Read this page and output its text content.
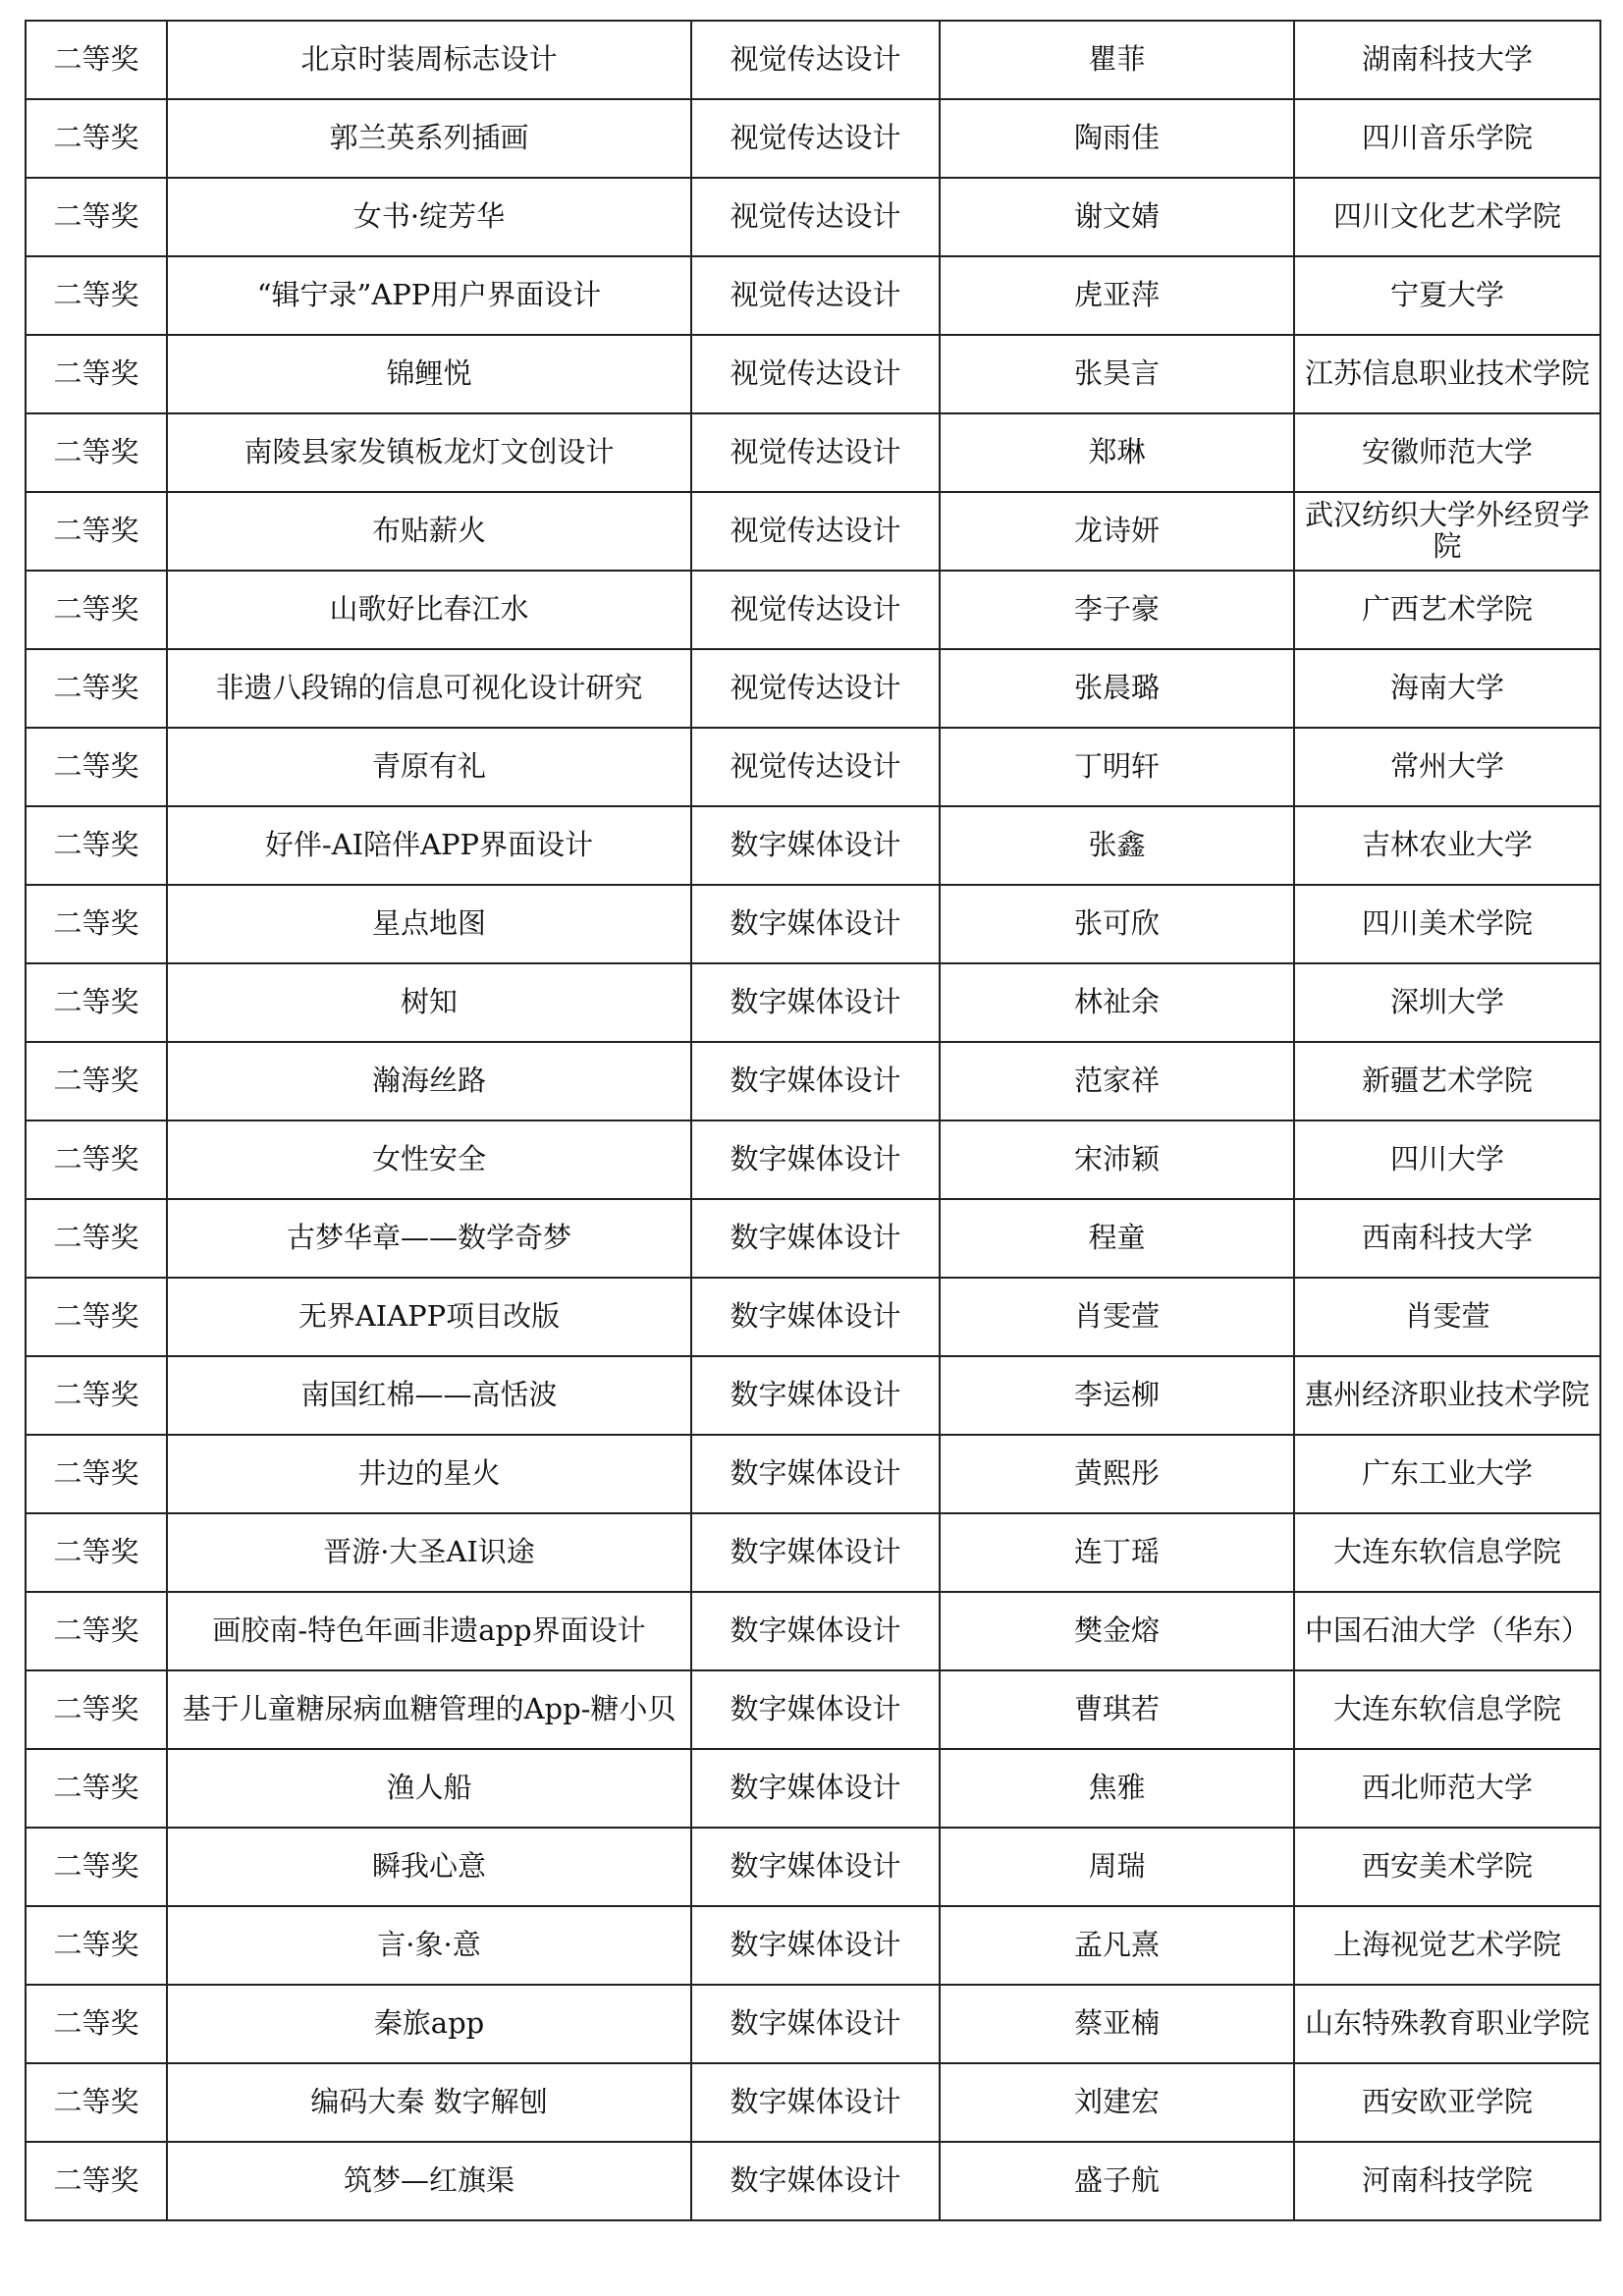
二等奖	北京时装周标志设计	视觉传达设计	瞿菲	湖南科技大学
二等奖	郭兰英系列插画	视觉传达设计	陶雨佳	四川音乐学院
二等奖	女书·绽芳华	视觉传达设计	谢文婧	四川文化艺术学院
二等奖	“辑宁录”APP用户界面设计	视觉传达设计	虎亚萍	宁夏大学
二等奖	锦鲤悦	视觉传达设计	张昊言	江苏信息职业技术学院
二等奖	南陵县家发镇板龙灯文创设计	视觉传达设计	郑琳	安徽师范大学
二等奖	布贴薪火	视觉传达设计	龙诗妍	武汉纺织大学外经贸学院
二等奖	山歌好比春江水	视觉传达设计	李子豪	广西艺术学院
二等奖	非遗八段锦的信息可视化设计研究	视觉传达设计	张晨璐	海南大学
二等奖	青原有礼	视觉传达设计	丁明轩	常州大学
二等奖	好伴-AI陪伴APP界面设计	数字媒体设计	张鑫	吉林农业大学
二等奖	星点地图	数字媒体设计	张可欣	四川美术学院
二等奖	树知	数字媒体设计	林祉余	深圳大学
二等奖	瀚海丝路	数字媒体设计	范家祥	新疆艺术学院
二等奖	女性安全	数字媒体设计	宋沛颖	四川大学
二等奖	古梦华章——数学奇梦	数字媒体设计	程童	西南科技大学
二等奖	无界AIAPP项目改版	数字媒体设计	肖雯萱	肖雯萱
二等奖	南国红棉——高恬波	数字媒体设计	李运柳	惠州经济职业技术学院
二等奖	井边的星火	数字媒体设计	黄熙彤	广东工业大学
二等奖	晋游·大圣AI识途	数字媒体设计	连丁瑶	大连东软信息学院
二等奖	画胶南-特色年画非遗app界面设计	数字媒体设计	樊金熔	中国石油大学（华东）
二等奖	基于儿童糖尿病血糖管理的App-糖小贝	数字媒体设计	曹琪若	大连东软信息学院
二等奖	渔人船	数字媒体设计	焦雅	西北师范大学
二等奖	瞬我心意	数字媒体设计	周瑞	西安美术学院
二等奖	言·象·意	数字媒体设计	孟凡熹	上海视觉艺术学院
二等奖	秦旅app	数字媒体设计	蔡亚楠	山东特殊教育职业学院
二等奖	编码大秦 数字解刨	数字媒体设计	刘建宏	西安欧亚学院
二等奖	筑梦—红旗渠	数字媒体设计	盛子航	河南科技学院
